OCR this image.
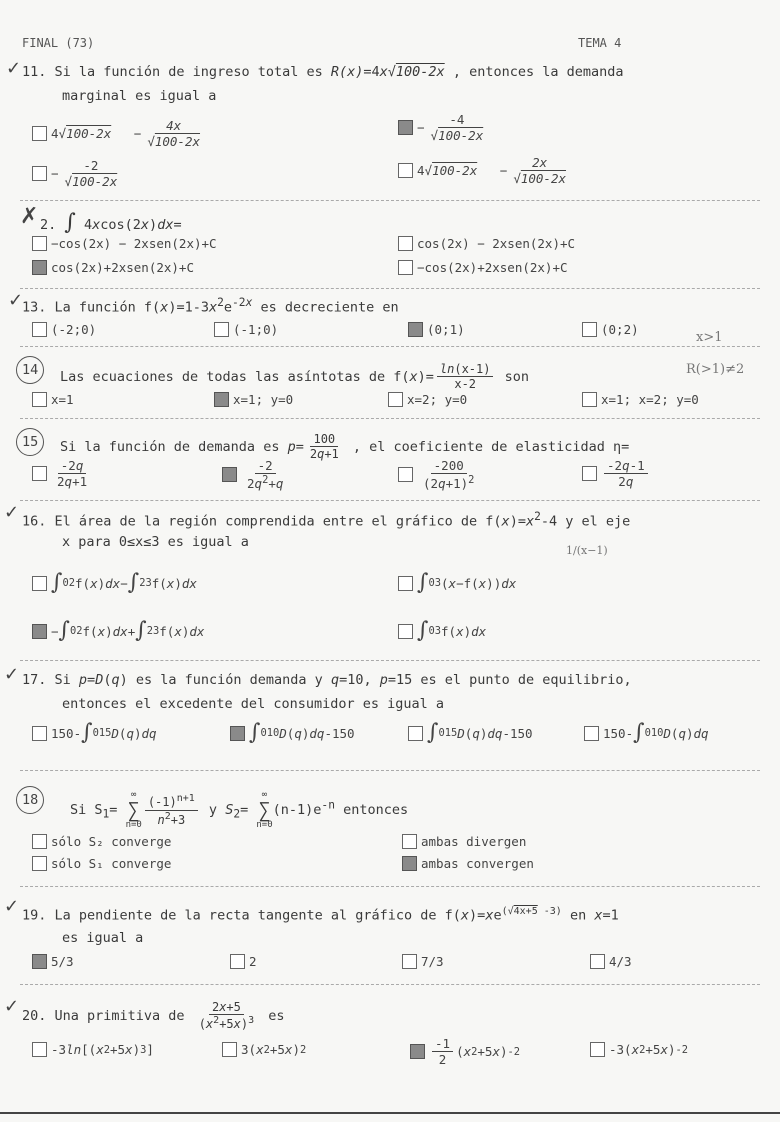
FINAL (73)	TEMA 4
✓ 11. Si la función de ingreso total es R(x)=4x√100-2x , entonces la demanda
marginal es igual a
4√ $100-2x - \frac{4x}{√100-2x}$	− $\frac{-4}{√100-2x}$
− $\frac{-2}{√100-2x}$	4√ $100-2x - \frac{2x}{√100-2x}$
✗ 2. ∫ 4xcos(2x)dx=
−cos(2x) − 2xsen(2x)+C	cos(2x) − 2xsen(2x)+C
cos(2x)+2xsen(2x)+C	−cos(2x)+2xsen(2x)+C
✓
13. La función $f(x)=1-3x^2e^{-2x}$ es decreciente en
(-2;0)	(-1;0)	(0;1)	(0;2)
x>1
14 Las ecuaciones de todas las asíntotas de $f(x)= \frac{\ln(x-1)}{x-2}$ son	R(>1)≠2
x=1	x=1; y=0	x=2; y=0	x=1; x=2; y=0
15 Si la función de demanda es $p= \frac{100}{2q+1}$ , el coeficiente de elasticidad η=
$\frac{-2q}{2q+1}$	$\frac{-2}{2q^2+q}$	$\frac{-200}{(2q+1)^2}$	$\frac{-2q-1}{2q}$
✓ 16. El área de la región comprendida entre el gráfico de $f(x)=x^2-4$ y el eje
x para 0≤x≤3 es igual a
1/(x−1)
∫ 0 2 f( x ) dx − ∫ 2 3 f( x ) dx	∫ 0 3 ( x −f( x )) dx
− ∫ 0 2 f( x ) dx + ∫ 2 3 f( x ) dx	∫ 0 3 f( x ) dx
✓ 17. Si p=D(q) es la función demanda y q=10, p=15 es el punto de equilibrio,
entonces el excedente del consumidor es igual a
150- ∫ 0 15 D ( q ) dq	∫ 0 10 D ( q ) dq -150	∫ 0 15 D ( q ) dq -150	150- ∫ 0 10 D ( q ) dq
18
Si $S_1=$
∞
∑
$n=0 \frac{(-1)^{n+1}}{n^2+3}$ y $S_2=$
∞
∑
n=0
$(n-1)e^{-n}$ entonces
sólo S₂ converge	ambas divergen
sólo S₁ converge	ambas convergen
✓ 19. La pendiente de la recta tangente al gráfico de $f(x)=xe^{(√4x+5 -3)}$ en x=1
es igual a
5/3	2	7/3	4/3
✓ 20. Una primitiva de $\frac{2x+5}{(x^2+5x)^3}$ es
-3 ln [( x 2 +5 x ) 3 ]	3( x 2 +5 x ) 2	$\frac{-1}{2}$ ( x 2 +5 x ) -2	-3( x 2 +5 x ) -2
